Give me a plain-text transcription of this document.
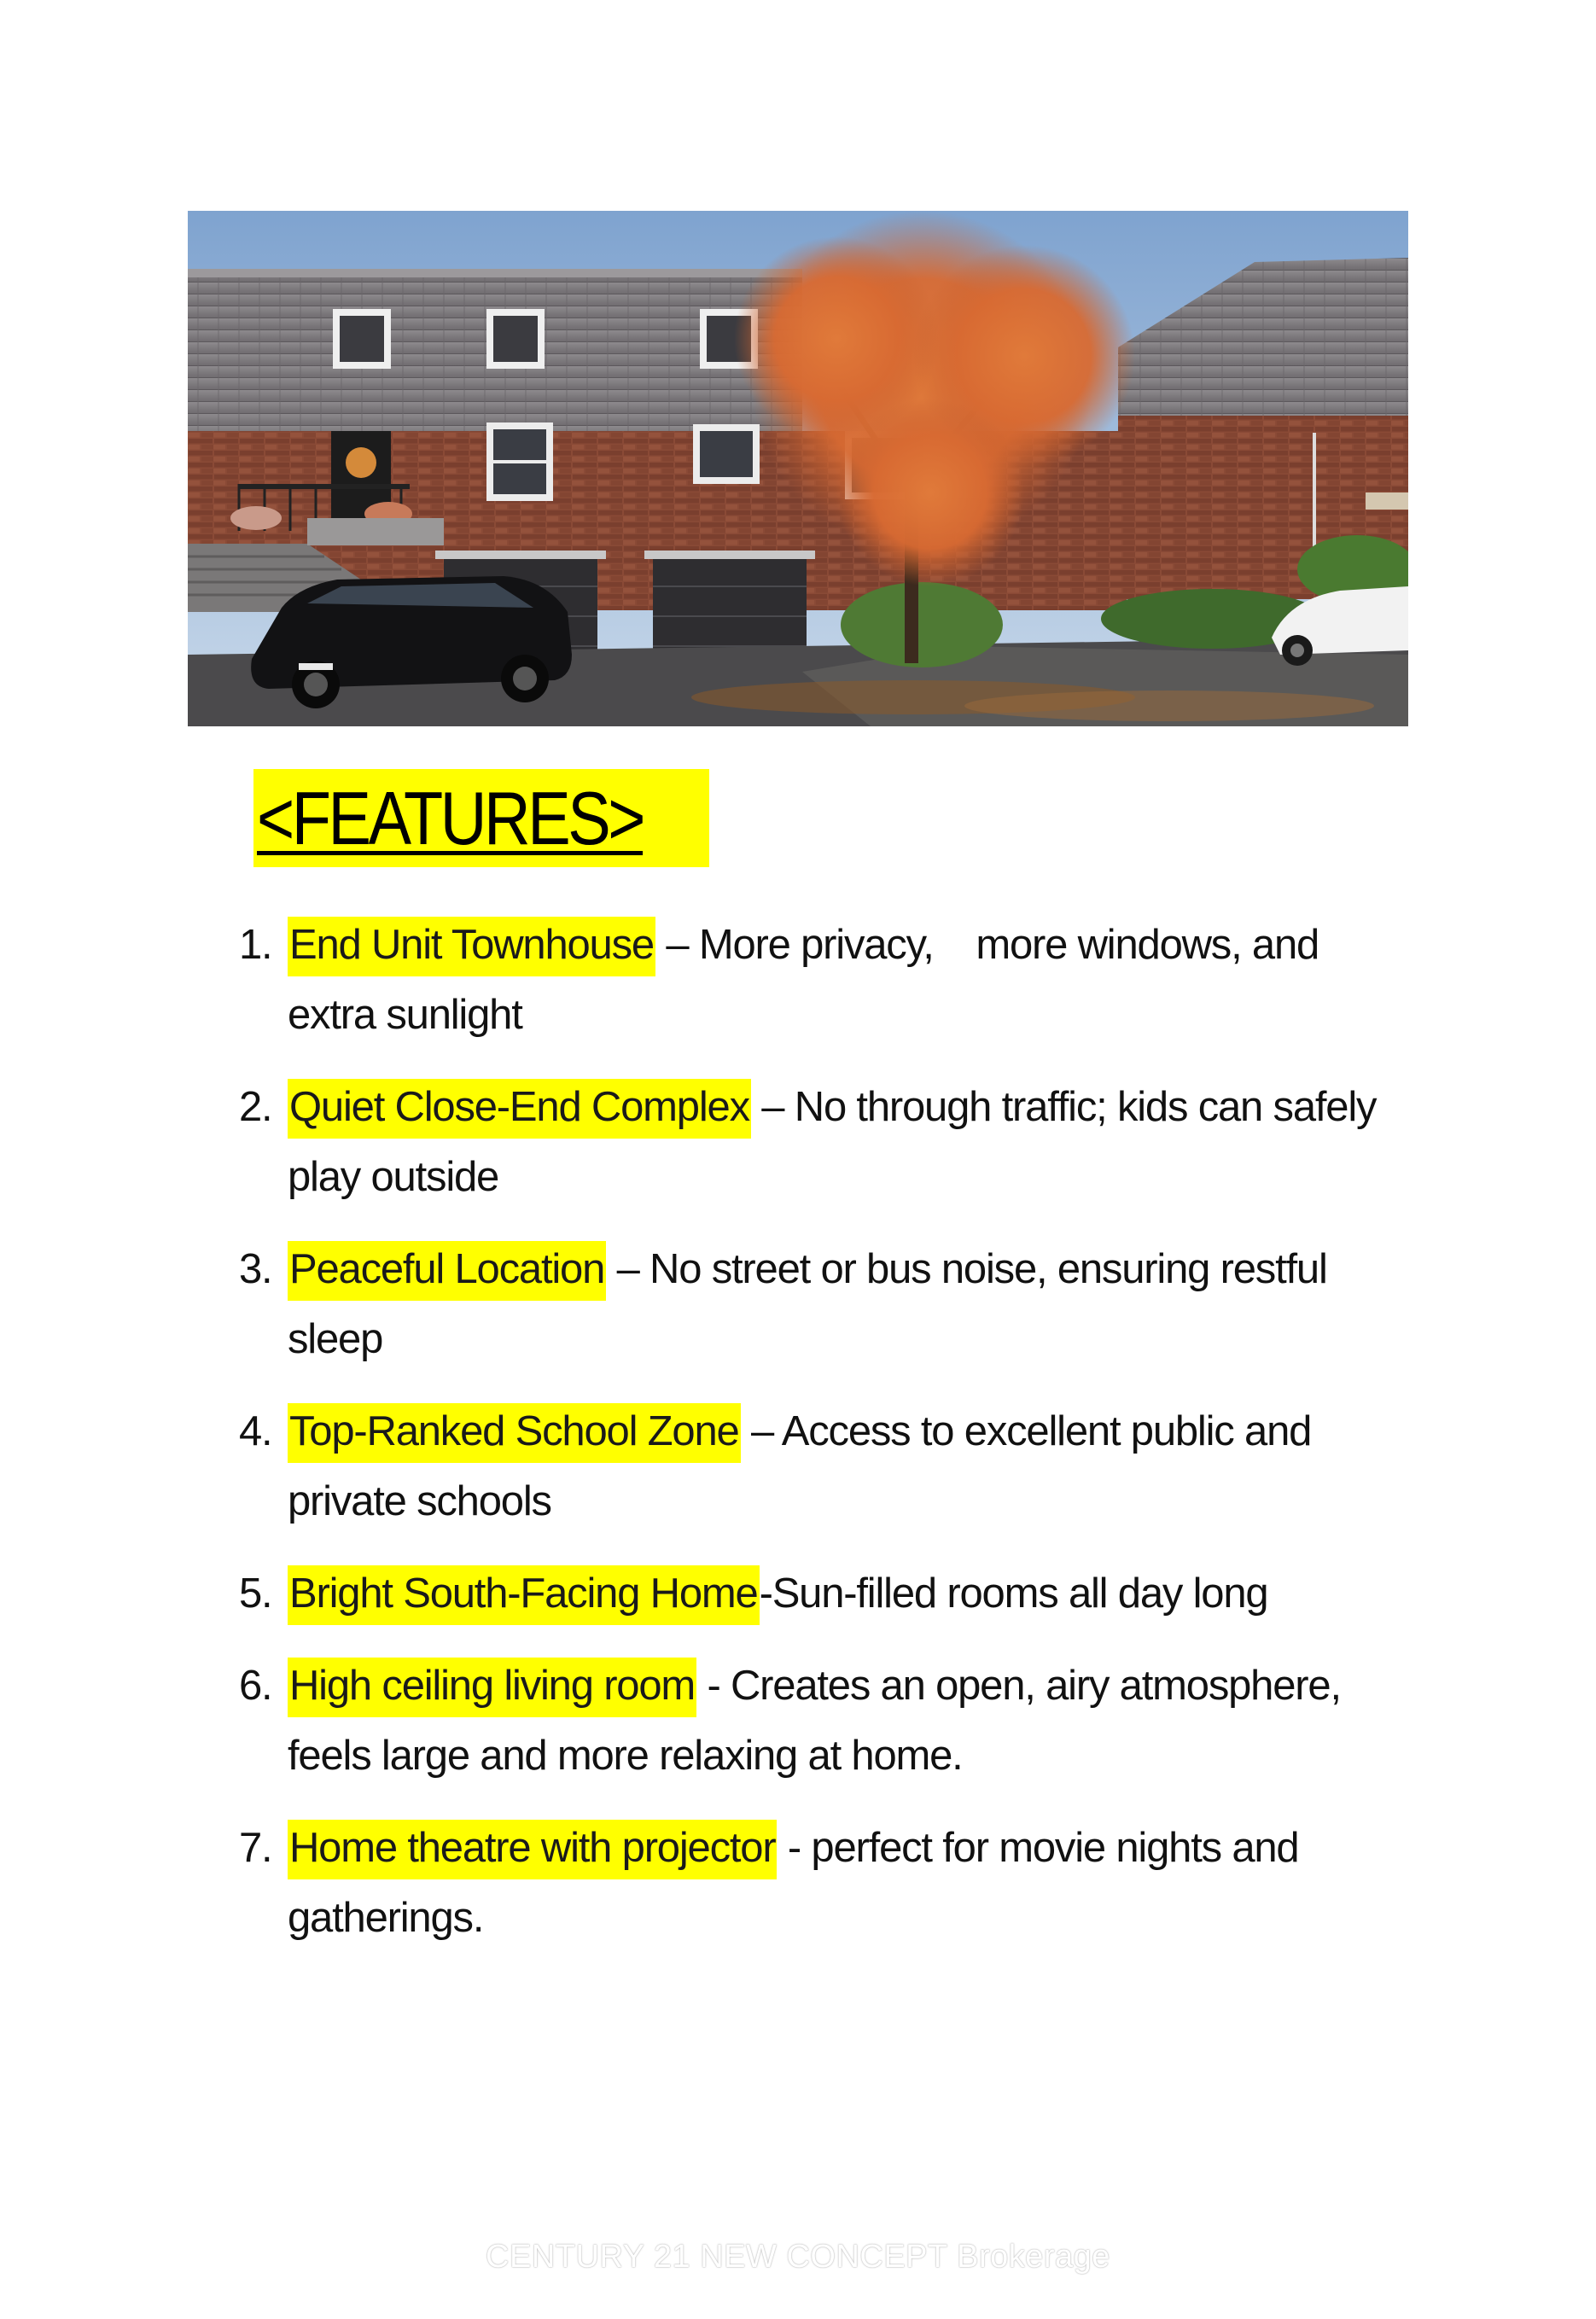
<FEATURES>
1. End Unit Townhouse – More privacy,    more windows, and extra sunlight
2. Quiet Close-End Complex – No through traffic; kids can safely play outside
3. Peaceful Location – No street or bus noise, ensuring restful sleep
4. Top-Ranked School Zone – Access to excellent public and private schools
5. Bright South-Facing Home-Sun-filled rooms all day long
6. High ceiling living room - Creates an open, airy atmosphere, feels large and more relaxing at home.
7. Home theatre with projector - perfect for movie nights and gatherings.
CENTURY 21 NEW CONCEPT Brokerage
